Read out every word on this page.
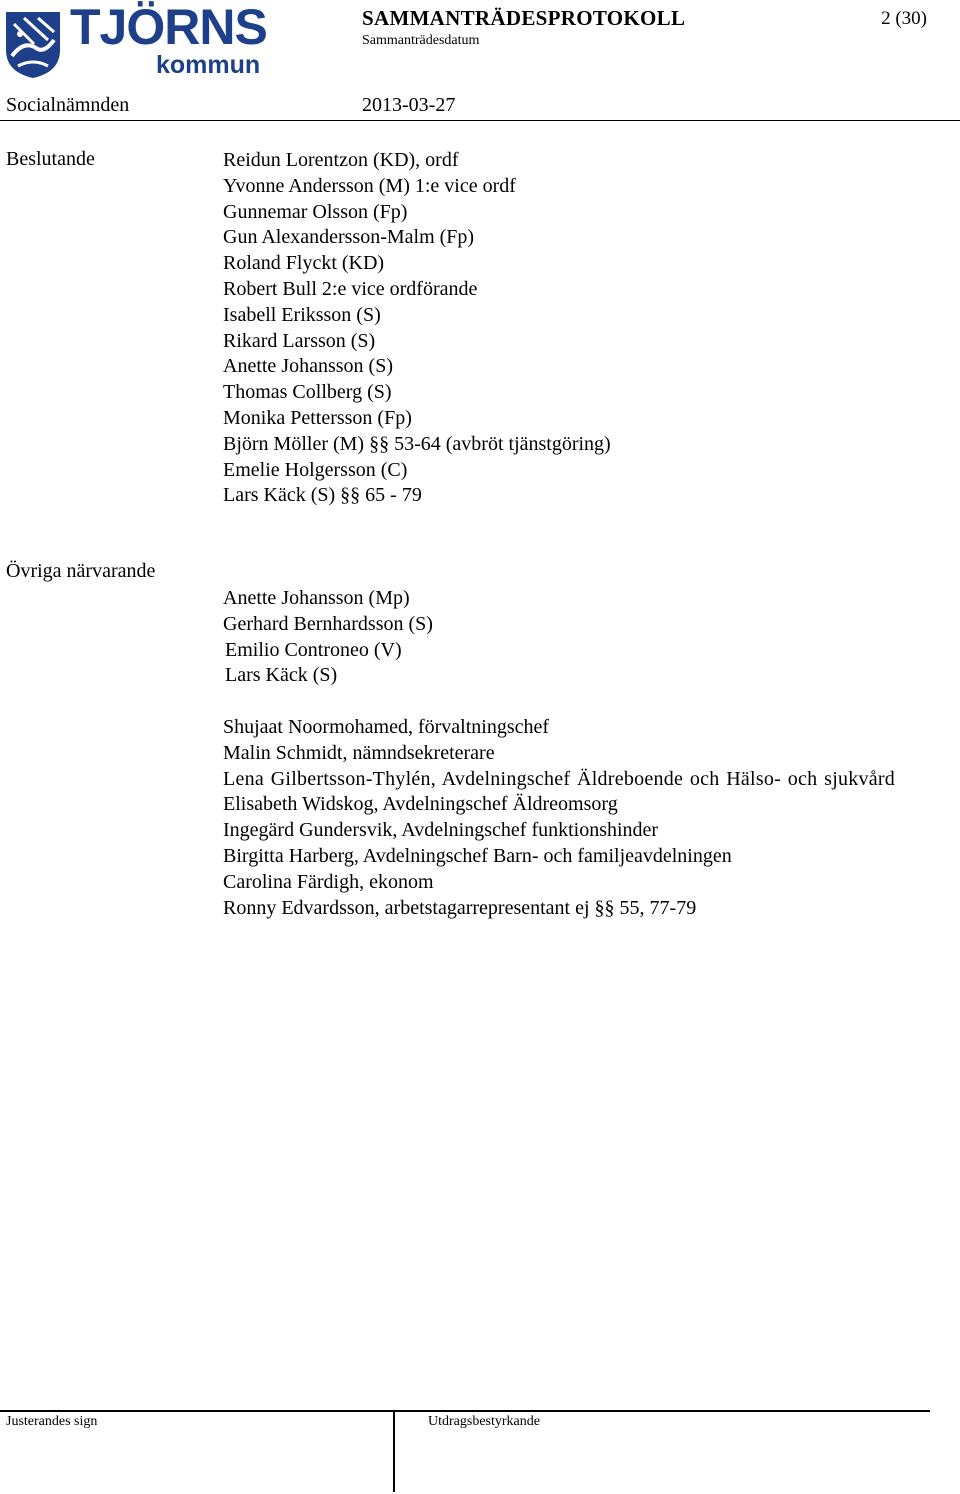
TJÖRNS
kommun
SAMMANTRÄDESPROTOKOLL
Sammanträdesdatum
2 (30)
Socialnämnden	2013-03-27
Beslutande	Reidun Lorentzon (KD), ordf
Yvonne Andersson (M) 1:e vice ordf
Gunnemar Olsson (Fp)
Gun Alexandersson-Malm (Fp)
Roland Flyckt (KD)
Robert Bull 2:e vice ordförande
Isabell Eriksson (S)
Rikard Larsson (S)
Anette Johansson (S)
Thomas Collberg (S)
Monika Pettersson (Fp)
Björn Möller (M) §§ 53-64 (avbröt tjänstgöring)
Emelie Holgersson (C)
Lars Käck (S) §§ 65 - 79
Övriga närvarande
Anette Johansson (Mp)
Gerhard Bernhardsson (S)
Emilio Controneo (V)
Lars Käck (S)
Shujaat Noormohamed, förvaltningschef
Malin Schmidt, nämndsekreterare
Lena Gilbertsson-Thylén, Avdelningschef Äldreboende och Hälso- och sjukvård
Elisabeth Widskog, Avdelningschef Äldreomsorg
Ingegärd Gundersvik, Avdelningschef funktionshinder
Birgitta Harberg, Avdelningschef Barn- och familjeavdelningen
Carolina Färdigh, ekonom
Ronny Edvardsson, arbetstagarrepresentant ej §§ 55, 77-79
Justerandes sign	Utdragsbestyrkande
